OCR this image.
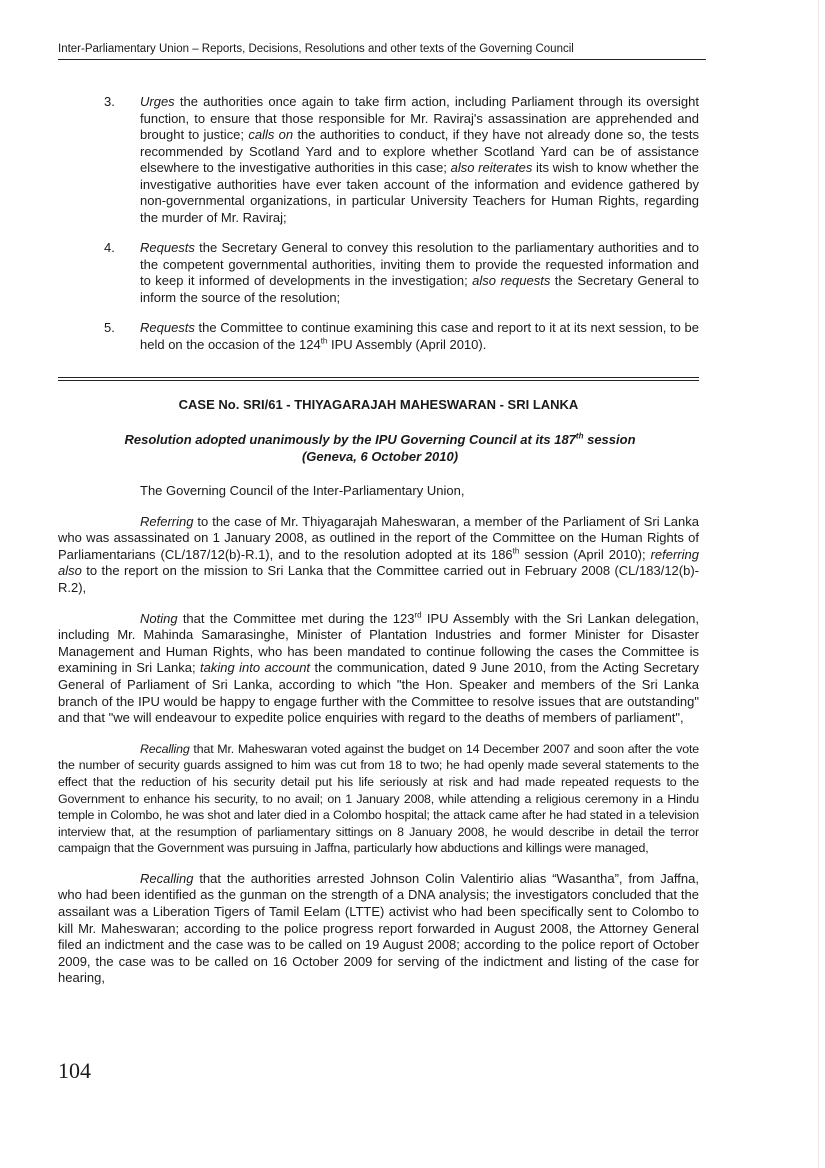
Inter-Parliamentary Union – Reports, Decisions, Resolutions and other texts of the Governing Council
3.	Urges the authorities once again to take firm action, including Parliament through its oversight function, to ensure that those responsible for Mr. Raviraj's assassination are apprehended and brought to justice; calls on the authorities to conduct, if they have not already done so, the tests recommended by Scotland Yard and to explore whether Scotland Yard can be of assistance elsewhere to the investigative authorities in this case; also reiterates its wish to know whether the investigative authorities have ever taken account of the information and evidence gathered by non-governmental organizations, in particular University Teachers for Human Rights, regarding the murder of Mr. Raviraj;
4.	Requests the Secretary General to convey this resolution to the parliamentary authorities and to the competent governmental authorities, inviting them to provide the requested information and to keep it informed of developments in the investigation; also requests the Secretary General to inform the source of the resolution;
5.	Requests the Committee to continue examining this case and report to it at its next session, to be held on the occasion of the 124th IPU Assembly (April 2010).
CASE No. SRI/61 - THIYAGARAJAH MAHESWARAN - SRI LANKA
Resolution adopted unanimously by the IPU Governing Council at its 187th session
(Geneva, 6 October 2010)

The Governing Council of the Inter-Parliamentary Union,

Referring to the case of Mr. Thiyagarajah Maheswaran, a member of the Parliament of Sri Lanka who was assassinated on 1 January 2008, as outlined in the report of the Committee on the Human Rights of Parliamentarians (CL/187/12(b)-R.1), and to the resolution adopted at its 186th session (April 2010); referring also to the report on the mission to Sri Lanka that the Committee carried out in February 2008 (CL/183/12(b)-R.2),

Noting that the Committee met during the 123rd IPU Assembly with the Sri Lankan delegation, including Mr. Mahinda Samarasinghe, Minister of Plantation Industries and former Minister for Disaster Management and Human Rights, who has been mandated to continue following the cases the Committee is examining in Sri Lanka; taking into account the communication, dated 9 June 2010, from the Acting Secretary General of Parliament of Sri Lanka, according to which "the Hon. Speaker and members of the Sri Lanka branch of the IPU would be happy to engage further with the Committee to resolve issues that are outstanding" and that "we will endeavour to expedite police enquiries with regard to the deaths of members of parliament",

Recalling that Mr. Maheswaran voted against the budget on 14 December 2007 and soon after the vote the number of security guards assigned to him was cut from 18 to two; he had openly made several statements to the effect that the reduction of his security detail put his life seriously at risk and had made repeated requests to the Government to enhance his security, to no avail; on 1 January 2008, while attending a religious ceremony in a Hindu temple in Colombo, he was shot and later died in a Colombo hospital; the attack came after he had stated in a television interview that, at the resumption of parliamentary sittings on 8 January 2008, he would describe in detail the terror campaign that the Government was pursuing in Jaffna, particularly how abductions and killings were managed,

Recalling that the authorities arrested Johnson Colin Valentirio alias “Wasantha”, from Jaffna, who had been identified as the gunman on the strength of a DNA analysis; the investigators concluded that the assailant was a Liberation Tigers of Tamil Eelam (LTTE) activist who had been specifically sent to Colombo to kill Mr. Maheswaran; according to the police progress report forwarded in August 2008, the Attorney General filed an indictment and the case was to be called on 19 August 2008; according to the police report of October 2009, the case was to be called on 16 October 2009 for serving of the indictment and listing of the case for hearing,

104
